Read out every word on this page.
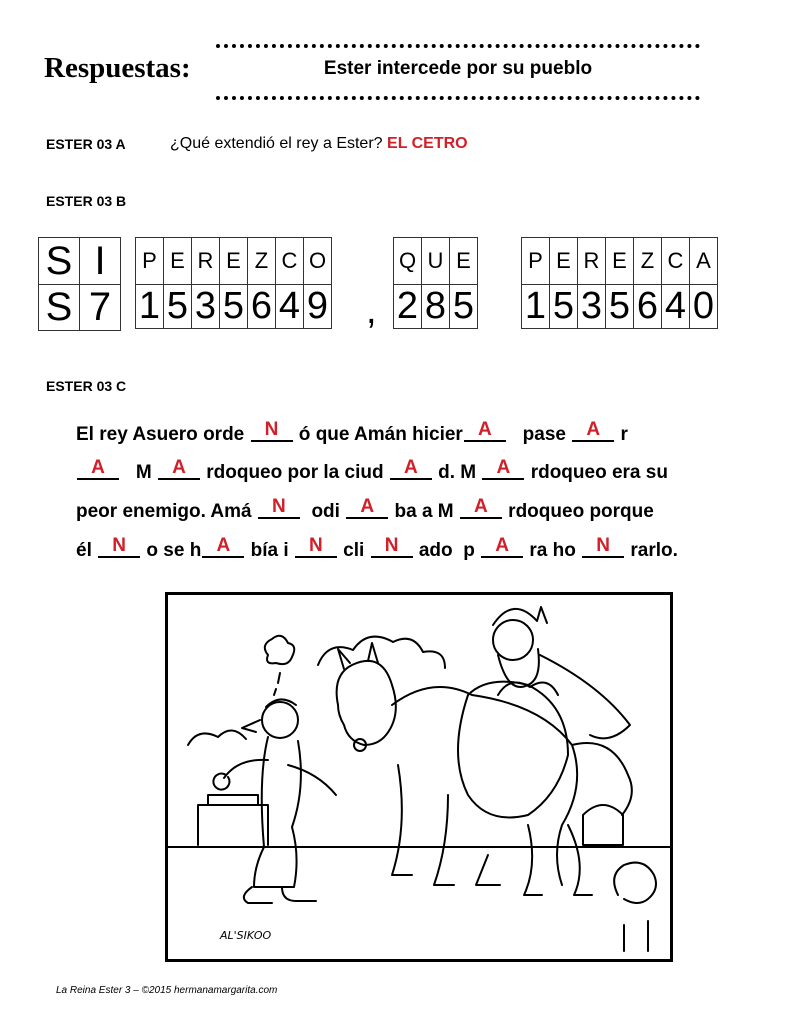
Respuestas:	Ester intercede por su pueblo
ESTER 03 A	¿Qué extendió el rey a Ester? EL CETRO
ESTER 03 B
S	I
S	7
P	E	R	E	Z	C	O
1	5	3	5	6	4	9 ,
Q	U	E
2	8	5
P	E	R	E	Z	C	A
1	5	3	5	6	4	0
ESTER 03 C
El rey Asuero orde N ó que Amán hicier A   pase A r
A   M A rdoqueo por la ciud A d. M A rdoqueo era su
peor enemigo. Amá N  odi A ba a M A rdoqueo porque
él N o se h A bía i N cli N ado  p A ra ho N rarlo.
AL'SIKOO
La Reina Ester 3 – ©2015 hermanamargarita.com
